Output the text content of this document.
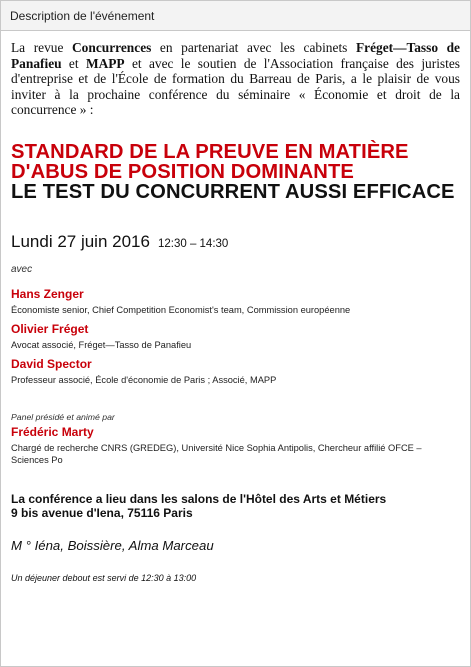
Description de l'événement

La revue Concurrences en partenariat avec les cabinets Fréget—Tasso de Panafieu et MAPP et avec le soutien de l'Association française des juristes d'entreprise et de l'École de formation du Barreau de Paris, a le plaisir de vous inviter à la prochaine conférence du séminaire « Économie et droit de la concurrence » :

STANDARD DE LA PREUVE EN MATIÈRE D'ABUS DE POSITION DOMINANTE
LE TEST DU CONCURRENT AUSSI EFFICACE
Lundi 27 juin 2016 12:30 – 14:30
avec
Hans Zenger
Économiste senior, Chief Competition Economist's team, Commission européenne
Olivier Fréget
Avocat associé, Fréget—Tasso de Panafieu
David Spector
Professeur associé, École d'économie de Paris ; Associé, MAPP
Panel présidé et animé par
Frédéric Marty
Chargé de recherche CNRS (GREDEG), Université Nice Sophia Antipolis, Chercheur affilié OFCE – Sciences Po
La conférence a lieu dans les salons de l'Hôtel des Arts et Métiers
9 bis avenue d'Iena, 75116 Paris
M ° Iéna, Boissière, Alma Marceau
Un déjeuner debout est servi de 12:30 à 13:00
